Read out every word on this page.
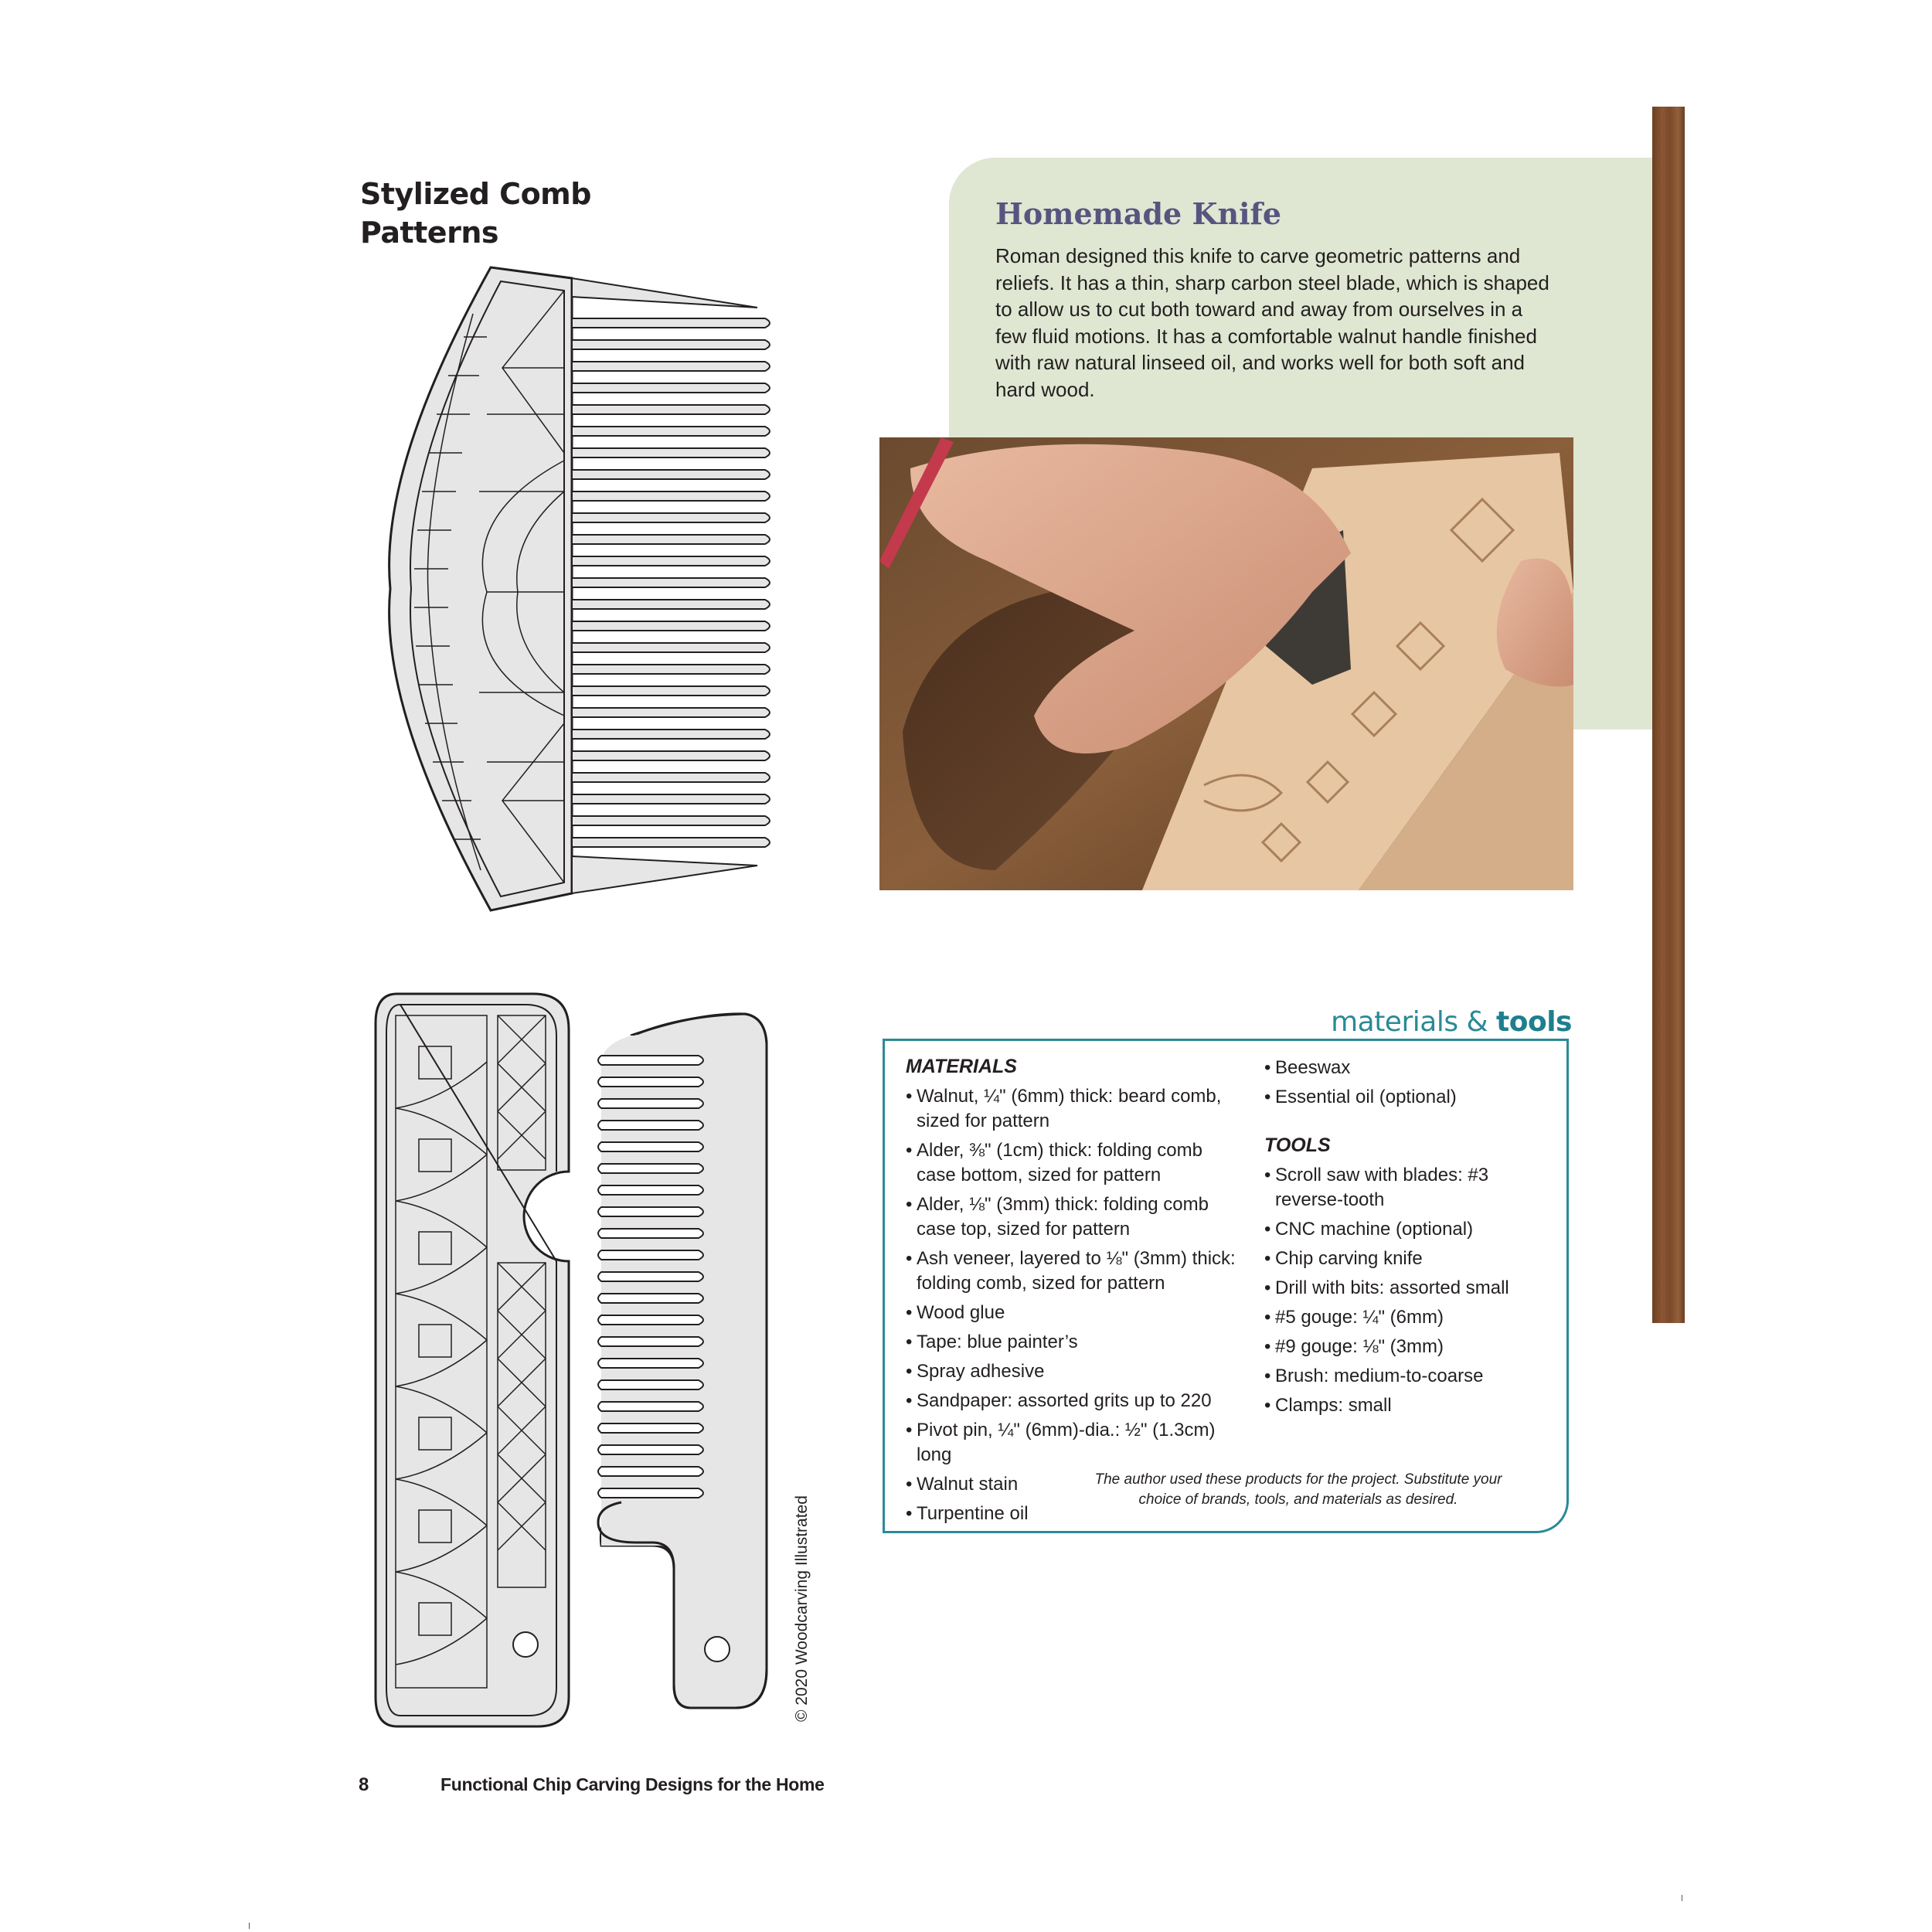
Stylized Comb
Patterns
© 2020 Woodcarving Illustrated
Homemade Knife
Roman designed this knife to carve geometric patterns and reliefs. It has a thin, sharp carbon steel blade, which is shaped to allow us to cut both toward and away from ourselves in a few fluid motions. It has a comfortable walnut handle finished with raw natural linseed oil, and works well for both soft and hard wood.
materials & tools
MATERIALS
• Walnut, ¼" (6mm) thick: beard comb, sized for pattern
• Alder, ⅜" (1cm) thick: folding comb case bottom, sized for pattern
• Alder, ⅛" (3mm) thick: folding comb case top, sized for pattern
• Ash veneer, layered to ⅛" (3mm) thick: folding comb, sized for pattern
• Wood glue
• Tape: blue painter’s
• Spray adhesive
• Sandpaper: assorted grits up to 220
• Pivot pin, ¼" (6mm)-dia.: ½" (1.3cm) long
• Walnut stain
• Turpentine oil
• Beeswax
• Essential oil (optional)
TOOLS
• Scroll saw with blades: #3 reverse-tooth
• CNC machine (optional)
• Chip carving knife
• Drill with bits: assorted small
• #5 gouge: ¼" (6mm)
• #9 gouge: ⅛" (3mm)
• Brush: medium-to-coarse
• Clamps: small
The author used these products for the project. Substitute your choice of brands, tools, and materials as desired.
8	Functional Chip Carving Designs for the Home
